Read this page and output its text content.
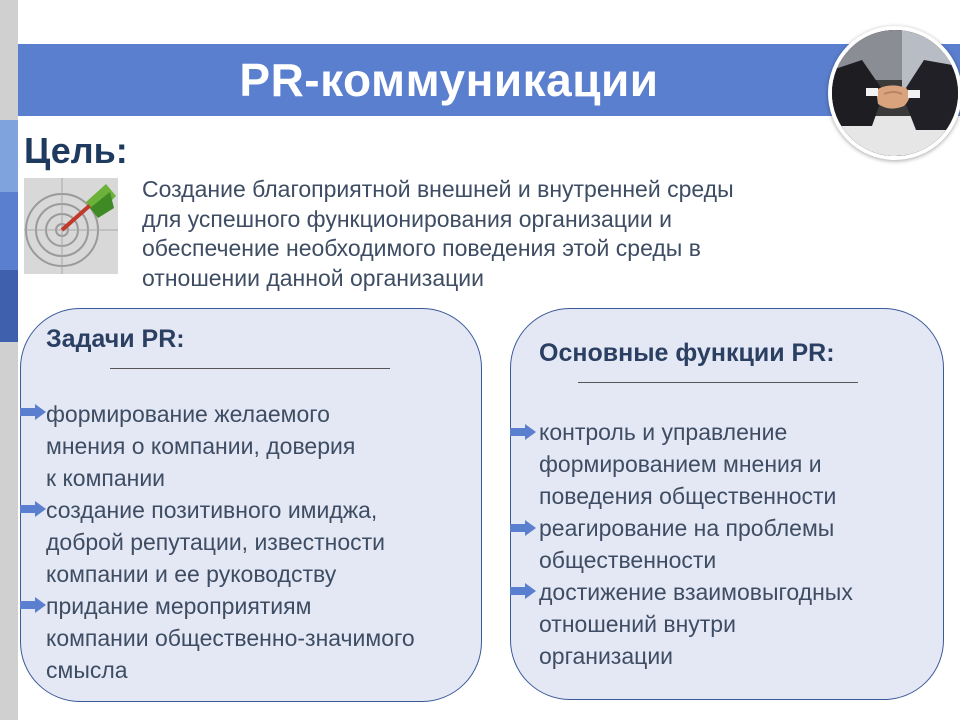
PR-коммуникации
Цель:
Создание благоприятной внешней и внутренней среды
для успешного функционирования организации и
обеспечение необходимого поведения этой среды в
отношении данной организации
Задачи PR:
формирование желаемого
мнения о компании, доверия
к компании
создание позитивного имиджа,
доброй репутации, известности
компании и ее руководству
придание мероприятиям
компании общественно-значимого
смысла
Основные функции PR:
контроль и управление
формированием мнения и
поведения общественности
реагирование на проблемы
общественности
достижение взаимовыгодных
отношений внутри
организации
